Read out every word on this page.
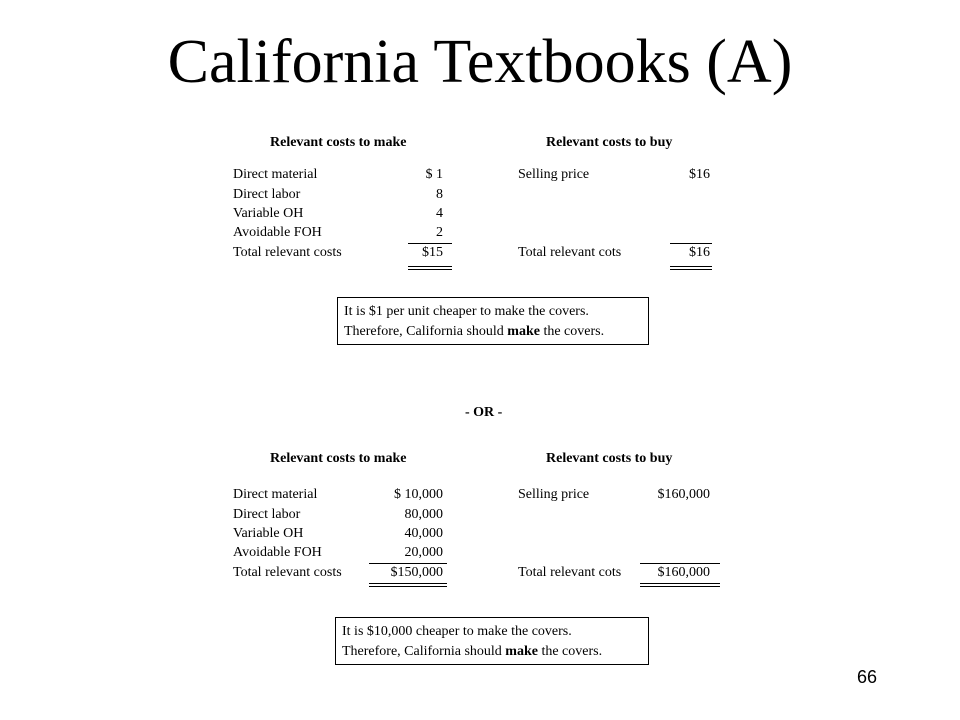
California Textbooks (A)
Relevant costs to make	Relevant costs to buy
Direct material	$ 1
Direct labor	8
Variable OH	4
Avoidable FOH	2
Total relevant costs	$15
Selling price	$16
Total relevant cots	$16

It is $1 per unit cheaper to make the covers.

Therefore, California should make the covers.

- OR -
Relevant costs to make	Relevant costs to buy
Direct material	$ 10,000
Direct labor	80,000
Variable OH	40,000
Avoidable FOH	20,000
Total relevant costs	$150,000
Selling price	$160,000
Total relevant cots	$160,000

It is $10,000 cheaper to make the covers.

Therefore, California should make the covers.

66
